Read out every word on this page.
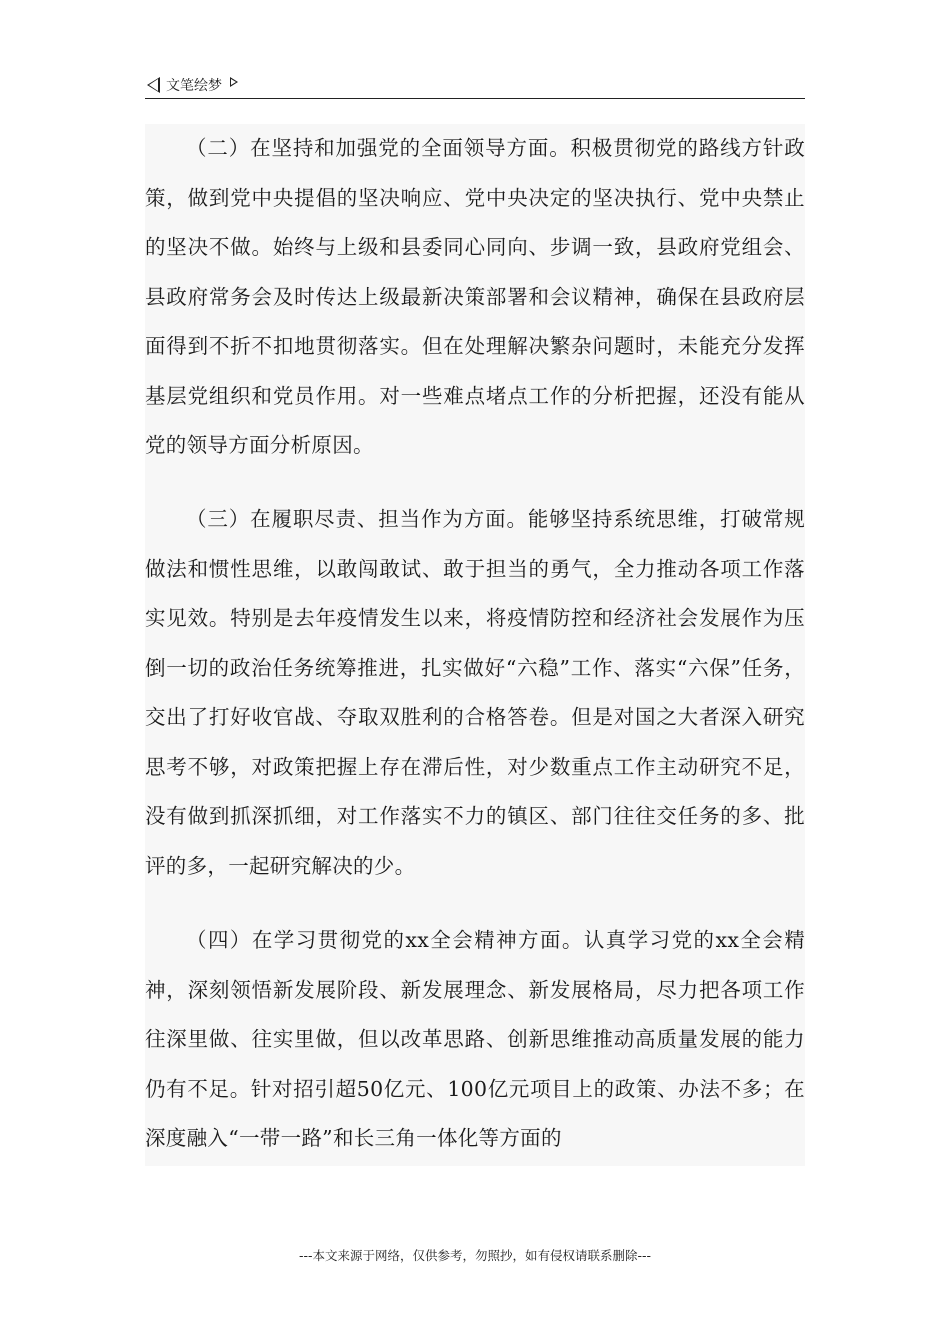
文笔绘梦

（二）在坚持和加强党的全面领导方面。积极贯彻党的路线方针政策，做到党中央提倡的坚决响应、党中央决定的坚决执行、党中央禁止的坚决不做。始终与上级和县委同心同向、步调一致，县政府党组会、县政府常务会及时传达上级最新决策部署和会议精神，确保在县政府层面得到不折不扣地贯彻落实。但在处理解决繁杂问题时，未能充分发挥基层党组织和党员作用。对一些难点堵点工作的分析把握，还没有能从党的领导方面分析原因。

（三）在履职尽责、担当作为方面。能够坚持系统思维，打破常规做法和惯性思维，以敢闯敢试、敢于担当的勇气，全力推动各项工作落实见效。特别是去年疫情发生以来，将疫情防控和经济社会发展作为压倒一切的政治任务统筹推进，扎实做好“六稳”工作、落实“六保”任务，交出了打好收官战、夺取双胜利的合格答卷。但是对国之大者深入研究思考不够，对政策把握上存在滞后性，对少数重点工作主动研究不足，没有做到抓深抓细，对工作落实不力的镇区、部门往往交任务的多、批评的多，一起研究解决的少。

（四）在学习贯彻党的xx全会精神方面。认真学习党的xx全会精神，深刻领悟新发展阶段、新发展理念、新发展格局，尽力把各项工作往深里做、往实里做，但以改革思路、创新思维推动高质量发展的能力仍有不足。针对招引超50亿元、100亿元项目上的政策、办法不多；在深度融入“一带一路”和长三角一体化等方面的

---本文来源于网络，仅供参考，勿照抄，如有侵权请联系删除---
